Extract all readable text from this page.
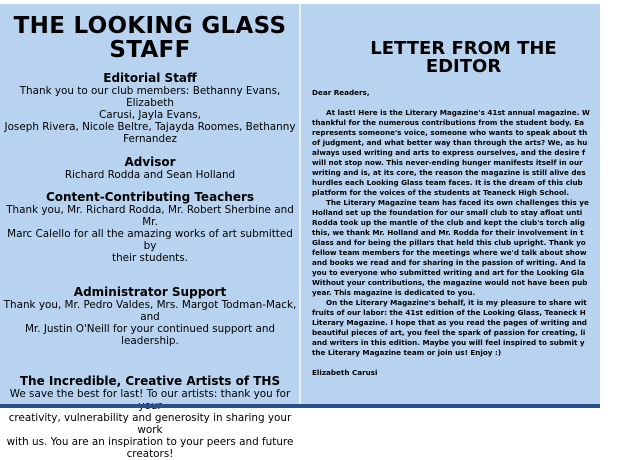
THE LOOKING GLASS
STAFF

Editorial Staff

Thank you to our club members: Bethanny Evans, Elizabeth

Carusi, Jayla Evans,

Joseph Rivera, Nicole Beltre, Tajayda Roomes, Bethanny

Fernandez

Advisor

Richard Rodda and Sean Holland

Content-Contributing Teachers

Thank you, Mr. Richard Rodda, Mr. Robert Sherbine and Mr.

Marc Calello for all the amazing works of art submitted by

their students.

Administrator Support

Thank you, Mr. Pedro Valdes, Mrs. Margot Todman-Mack, and

Mr. Justin O'Neill for your continued support and leadership.

The Incredible, Creative Artists of THS

We save the best for last! To our artists: thank you for

creativity, vulnerability and generosity in sharing your work

with us. You are an inspiration to your peers and future

creators!

LETTER FROM THE
EDITOR

Dear Readers,

At last! Here is the Literary Magazine's 41st annual magazine. W

thankful for the numerous contributions from the student body. Ea

represents someone's voice, someone who wants to speak about th

of judgment, and what better way than through the arts? We, as hu

always used writing and arts to express ourselves, and the desire f

will not stop now. This never-ending hunger manifests itself in our

writing and is, at its core, the reason the magazine is still alive des

hurdles each Looking Glass team faces. It is the dream of this club

platform for the voices of the students at Teaneck High School.

The Literary Magazine team has faced its own challenges this ye

Holland set up the foundation for our small club to stay afloat unti

Rodda took up the mantle of the club and kept the club's torch alig

this, we thank Mr. Holland and Mr. Rodda for their involvement in t

Glass and for being the pillars that held this club upright. Thank yo

fellow team members for the meetings where we'd talk about show

and books we read and for sharing in the passion of writing. And la

you to everyone who submitted writing and art for the Looking Gla

Without your contributions, the magazine would not have been pub

year. This magazine is dedicated to you.

On the Literary Magazine's behalf, it is my pleasure to share wit

fruits of our labor: the 41st edition of the Looking Glass, Teaneck H

Literary Magazine. I hope that as you read the pages of writing and

beautiful pieces of art, you feel the spark of passion for creating, li

and writers in this edition. Maybe you will feel inspired to submit y

the Literary Magazine team or join us! Enjoy :)

Elizabeth Carusi
